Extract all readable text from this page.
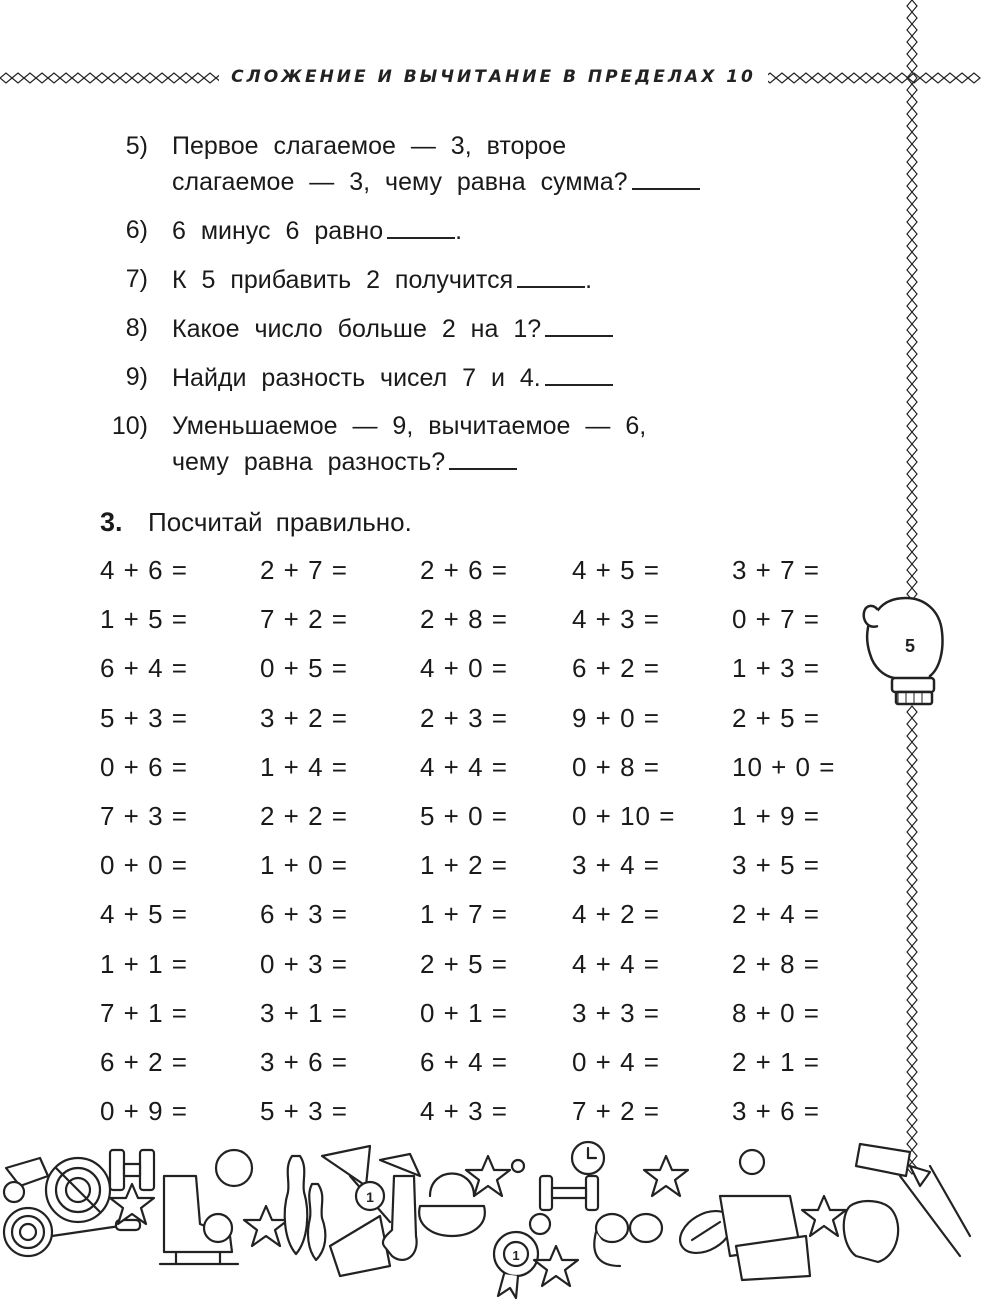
СЛОЖЕНИЕ И ВЫЧИТАНИЕ В ПРЕДЕЛАХ 10
5) Первое слагаемое — 3, второе
слагаемое — 3, чему равна сумма?
6) 6 минус 6 равно	.
7) К 5 прибавить 2 получится	.
8) Какое число больше 2 на 1?
9) Найди разность чисел 7 и 4.
10) Уменьшаемое — 9, вычитаемое — 6,
чему равна разность?
3. Посчитай правильно.
4 + 6 =	2 + 7 =	2 + 6 = 4 + 5 =	3 + 7 =
1 + 5 =	7 + 2 =	2 + 8 = 4 + 3 =	0 + 7 =
6 + 4 =	0 + 5 =	4 + 0 = 6 + 2 =	1 + 3 =
5 + 3 =	3 + 2 =	2 + 3 = 9 + 0 =	2 + 5 =
0 + 6 =	1 + 4 =	4 + 4 = 0 + 8 =	10 + 0 =
7 + 3 =	2 + 2 =	5 + 0 = 0 + 10 = 1 + 9 =
0 + 0 =	1 + 0 =	1 + 2 = 3 + 4 =	3 + 5 =
4 + 5 =	6 + 3 =	1 + 7 = 4 + 2 =	2 + 4 =
1 + 1 =	0 + 3 =	2 + 5 = 4 + 4 =	2 + 8 =
7 + 1 =	3 + 1 =	0 + 1 = 3 + 3 =	8 + 0 =
6 + 2 =	3 + 6 =	6 + 4 = 0 + 4 =	2 + 1 =
0 + 9 =	5 + 3 =	4 + 3 = 7 + 2 =	3 + 6 =
5
1
1
